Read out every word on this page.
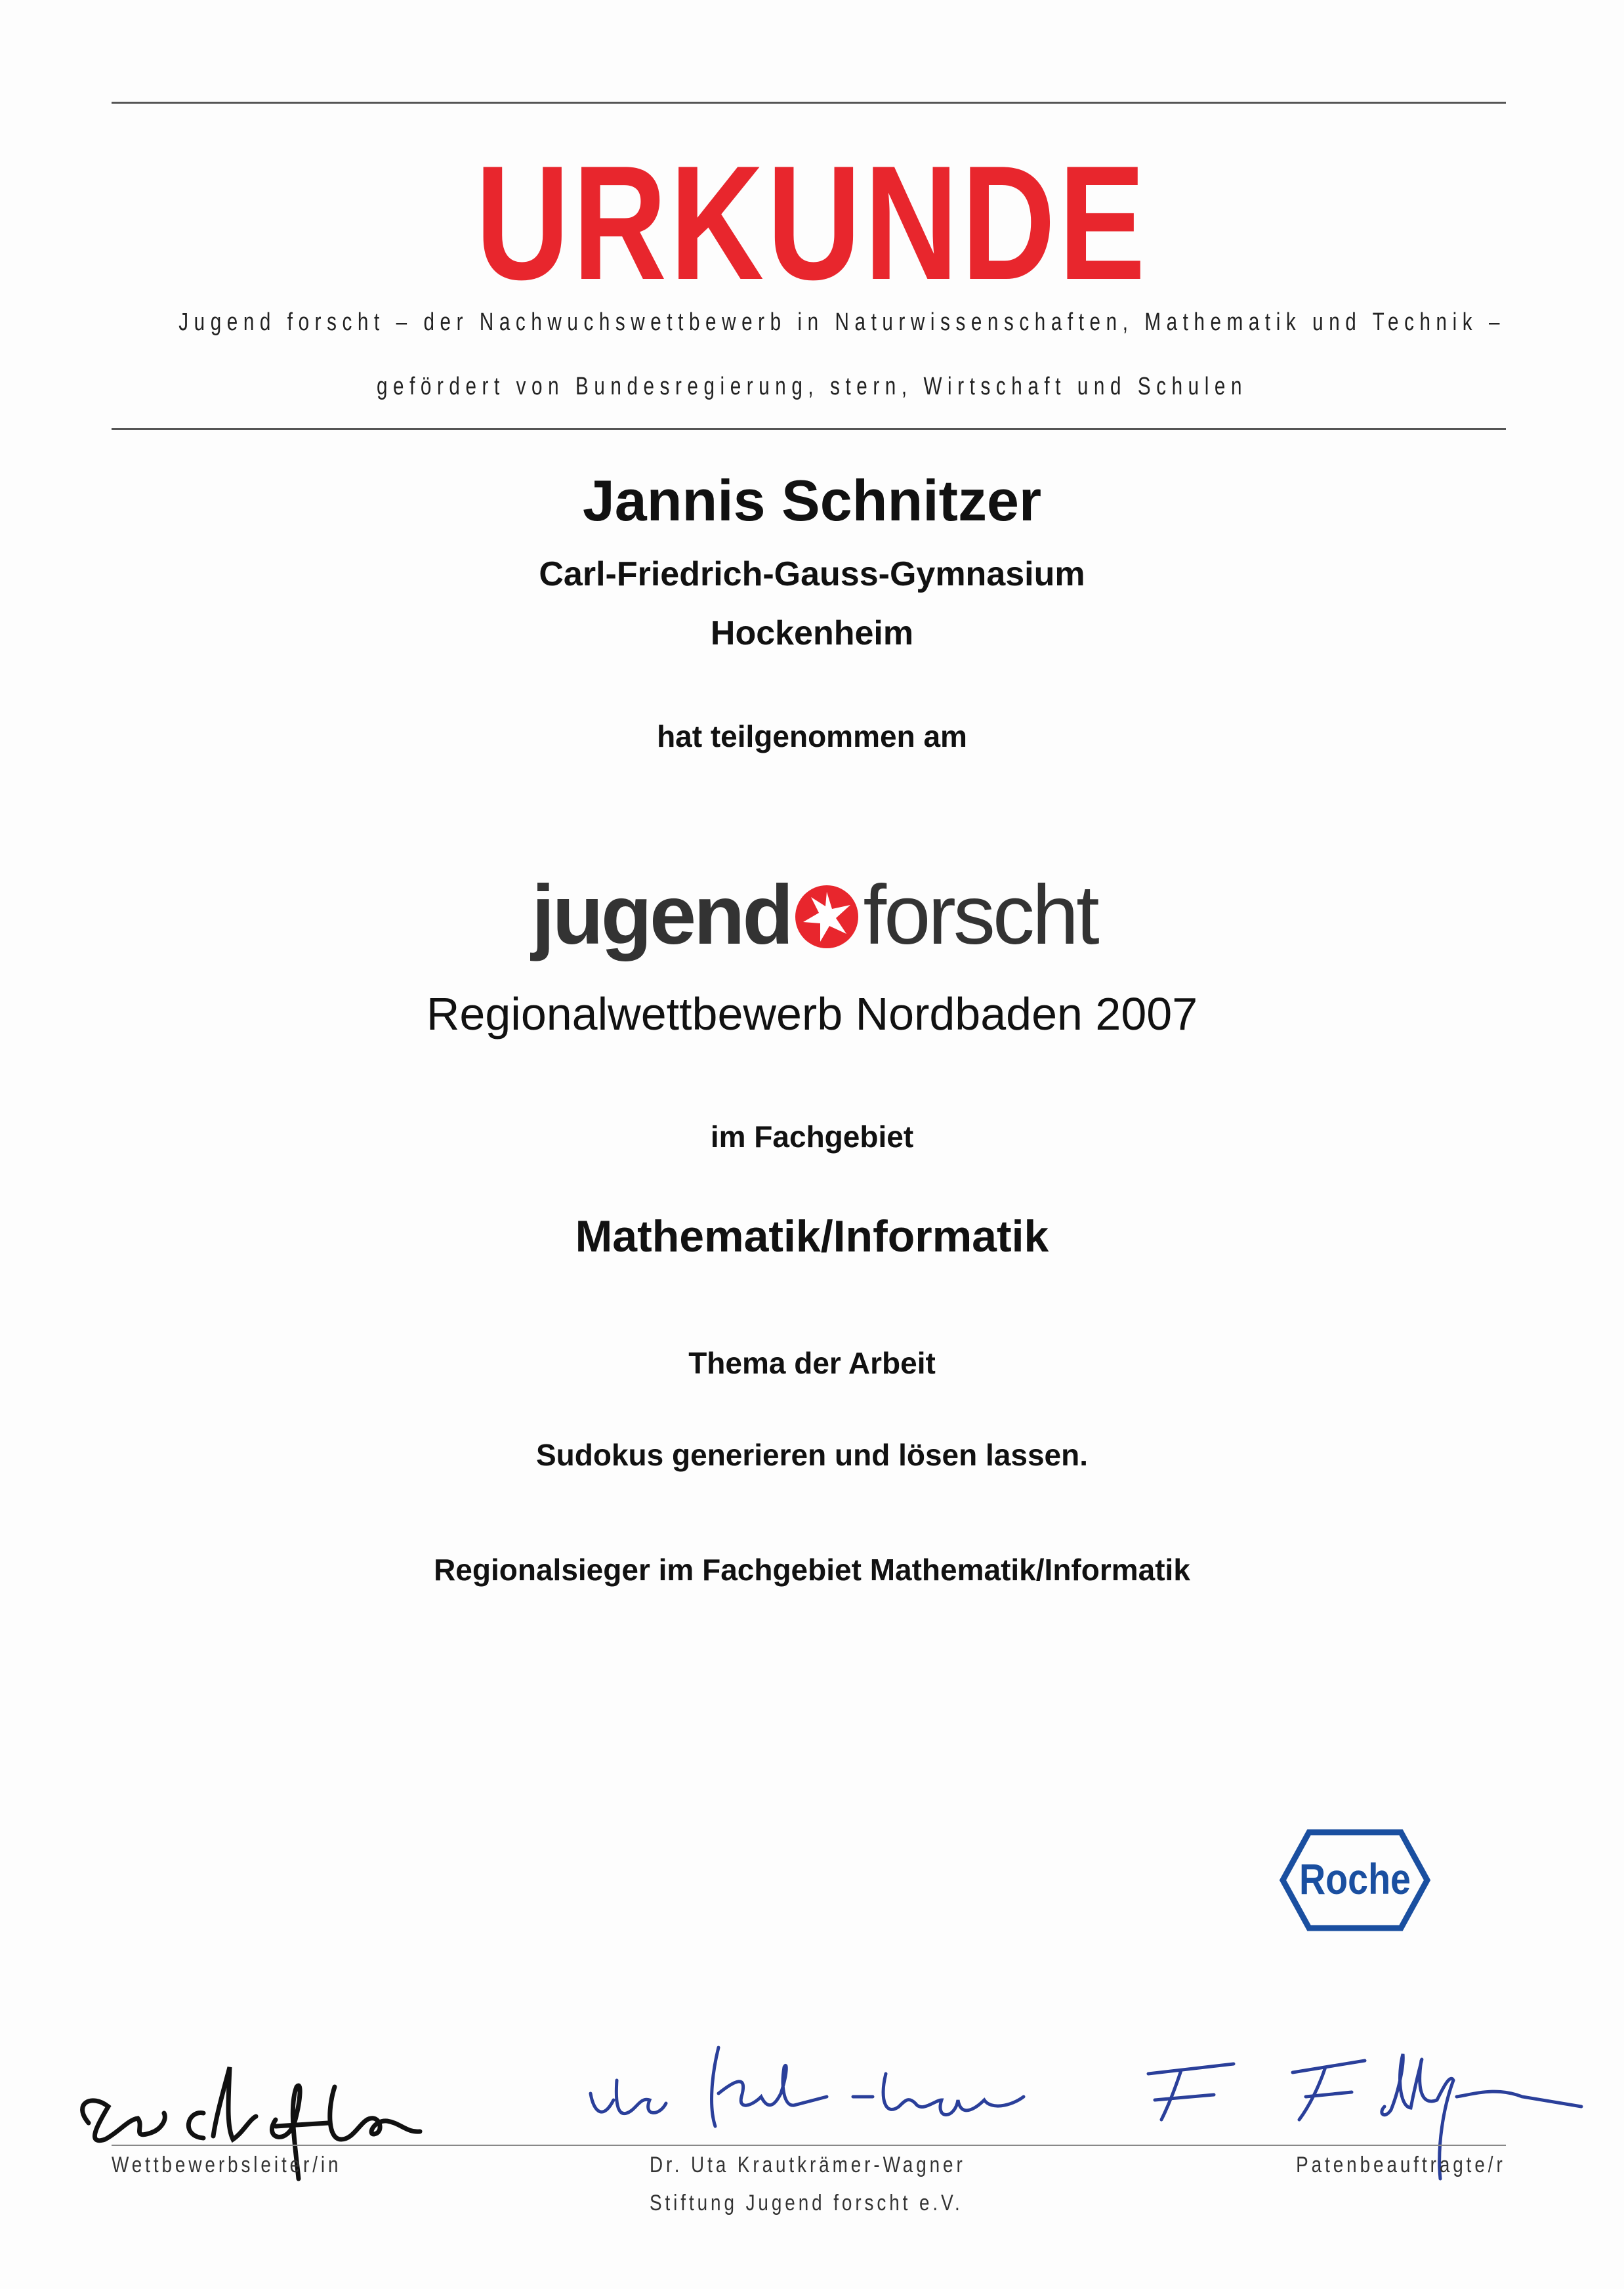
URKUNDE
Jugend forscht – der Nachwuchswettbewerb in Naturwissenschaften, Mathematik und Technik –
gefördert von Bundesregierung, stern, Wirtschaft und Schulen
Jannis Schnitzer
Carl-Friedrich-Gauss-Gymnasium
Hockenheim
hat teilgenommen am
jugend forscht
Regionalwettbewerb Nordbaden 2007
im Fachgebiet
Mathematik/Informatik
Thema der Arbeit
Sudokus generieren und lösen lassen.
Regionalsieger im Fachgebiet Mathematik/Informatik
Roche
Wettbewerbsleiter/in	Dr. Uta Krautkrämer-Wagner
Stiftung Jugend forscht e.V.
Patenbeauftragte/r
